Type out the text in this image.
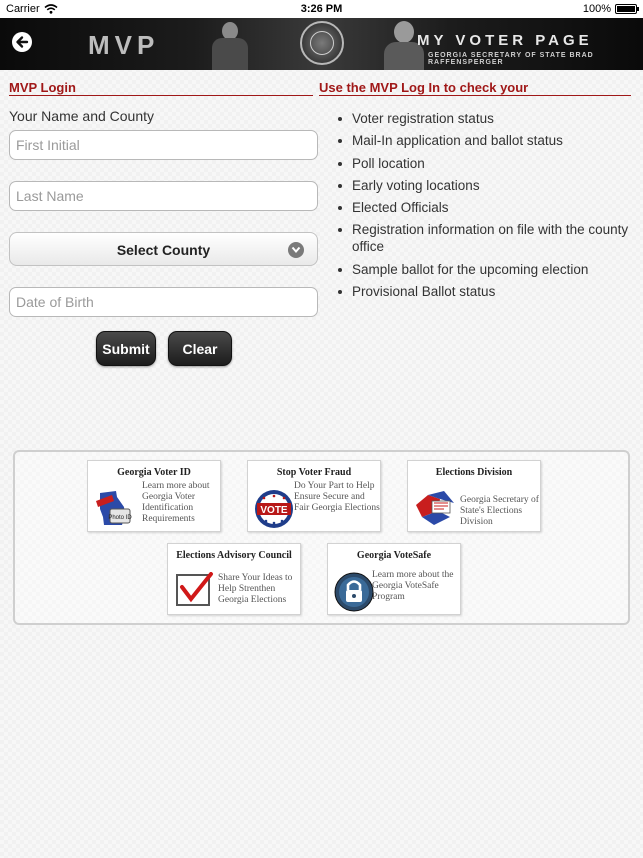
Carrier	3:26 PM	100%
MVP	MY VOTER PAGE
GEORGIA SECRETARY OF STATE BRAD RAFFENSPERGER
MVP Login	Use the MVP Log In to check your
Your Name and County
First Initial
Last Name
Select County
Date of Birth
Submit	Clear
Voter registration status
Mail-In application and ballot status
Poll location
Early voting locations
Elected Officials
Registration information on file with the county office
Sample ballot for the upcoming election
Provisional Ballot status
Georgia Voter ID
Photo ID
Learn more about Georgia Voter Identification Requirements
Stop Voter Fraud
VOTE
Do Your Part to Help Ensure Secure and Fair Georgia Elections
Elections Division
Georgia Secretary of State's Elections Division
Elections Advisory Council
Share Your Ideas to Help Strenthen Georgia Elections
Georgia VoteSafe
Learn more about the Georgia VoteSafe Program
